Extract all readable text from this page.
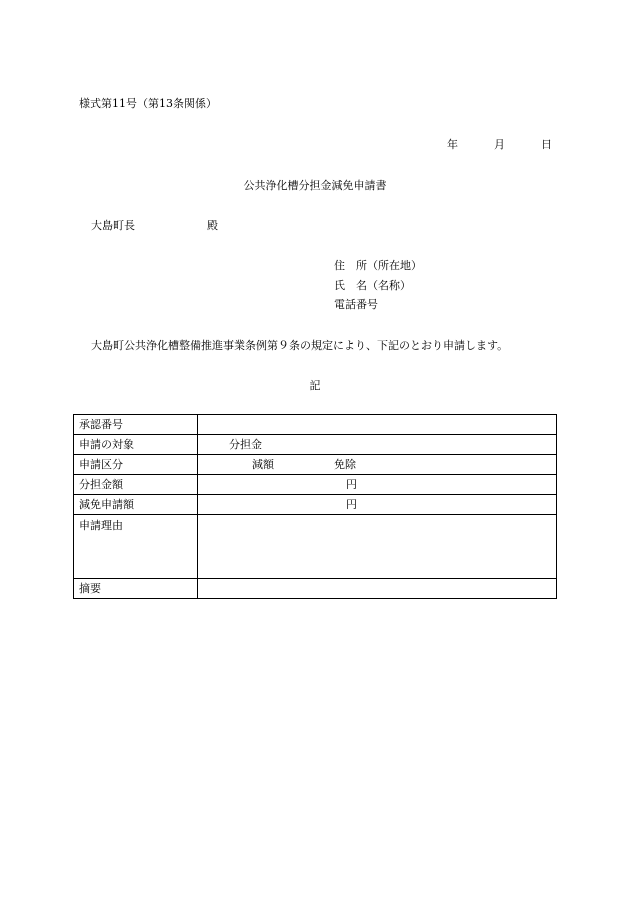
様式第11号（第13条関係）
年	月	日
公共浄化槽分担金減免申請書
大島町長	殿
住　所（所在地）
氏　名（名称）
電話番号
大島町公共浄化槽整備推進事業条例第９条の規定により、下記のとおり申請します。
記
承認番号	
申請の対象	分担金

申請区分	減額 免除

分担金額	円

減免申請額	円

申請理由	
摘要	
